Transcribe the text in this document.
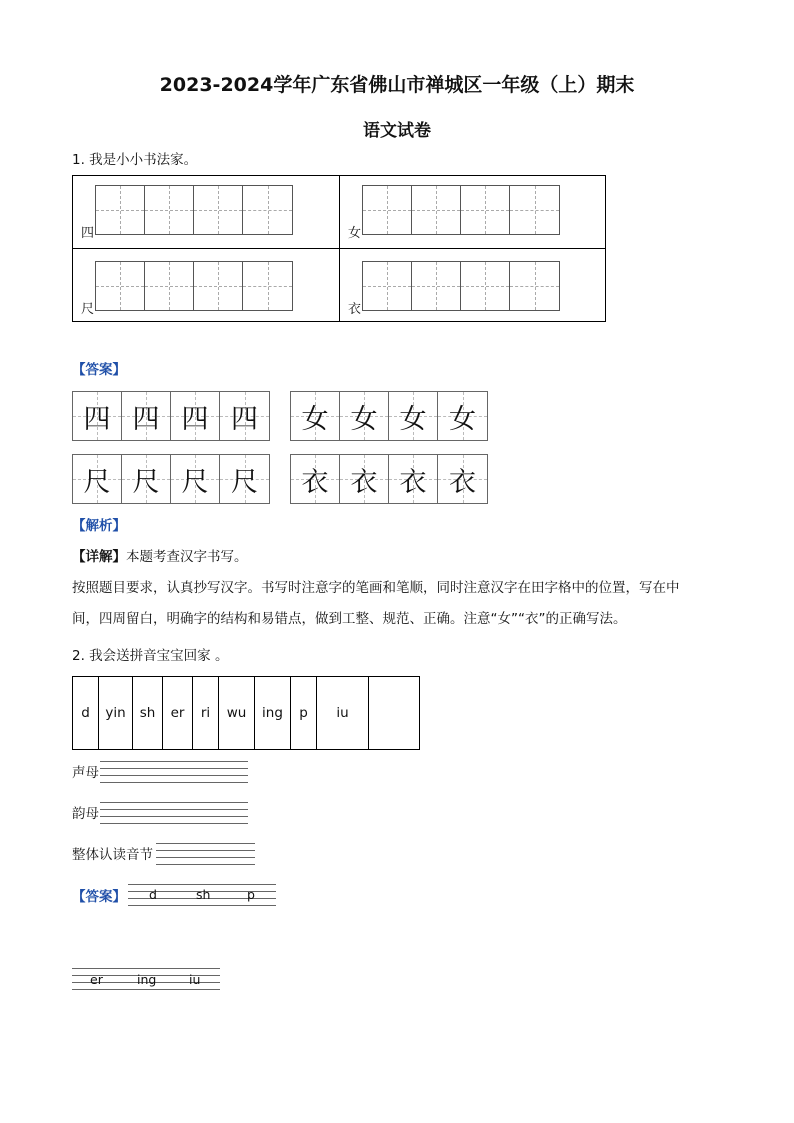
2023-2024学年广东省佛山市禅城区一年级（上）期末
语文试卷
1. 我是小小书法家。
四	女
尺	衣
【答案】
四 四 四 四 女 女 女 女
尺 尺 尺 尺 衣 衣 衣 衣
【解析】
【详解】本题考查汉字书写。
按照题目要求，认真抄写汉字。书写时注意字的笔画和笔顺，同时注意汉字在田字格中的位置，写在中
间，四周留白，明确字的结构和易错点，做到工整、规范、正确。注意“女”“衣”的正确写法。
2. 我会送拼音宝宝回家 。
d	yin	sh	er	ri	wu	ing	p	iu
声母
韵母
整体认读音节
【答案】 d	sh	p
er	ing	iu
